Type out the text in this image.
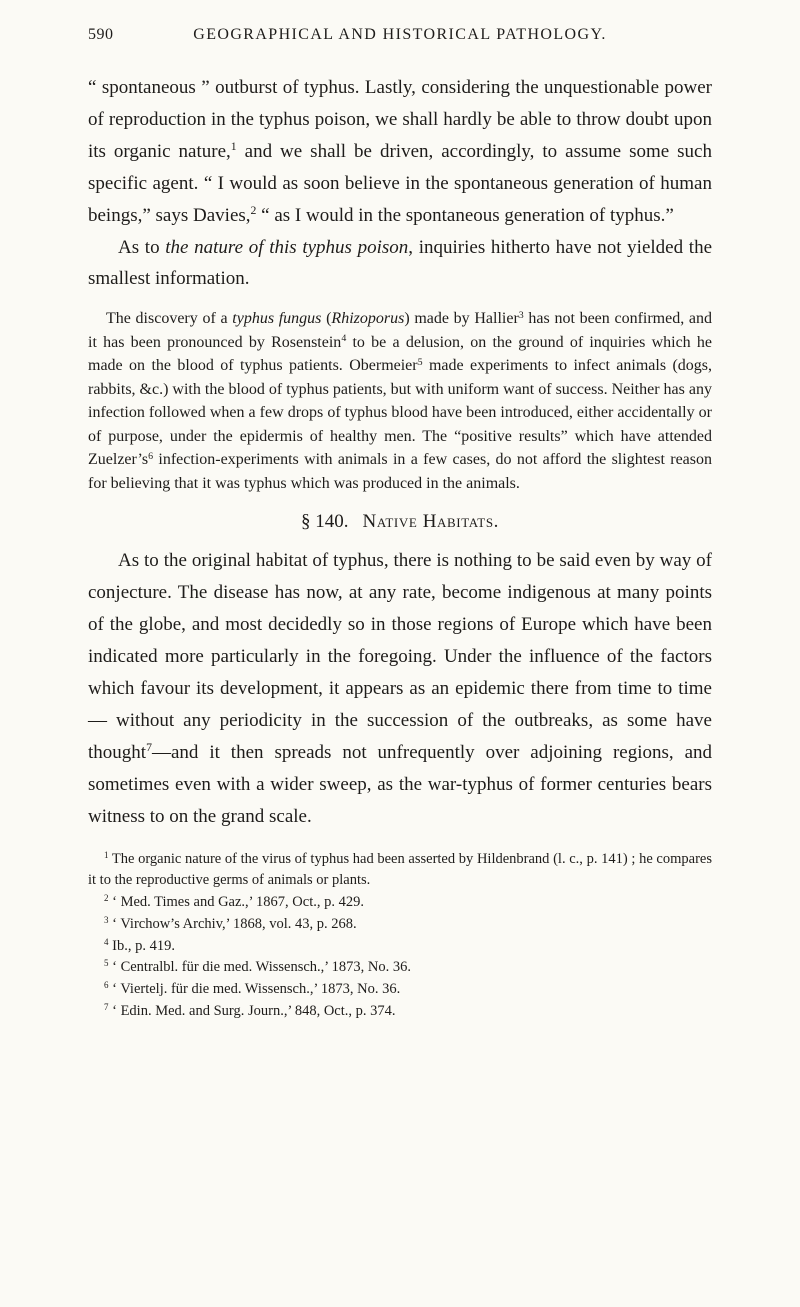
590	GEOGRAPHICAL AND HISTORICAL PATHOLOGY.

“ spontaneous ” outburst of typhus. Lastly, considering the unquestionable power of reproduction in the typhus poison, we shall hardly be able to throw doubt upon its organic nature,$^1$ and we shall be driven, accordingly, to assume some such specific agent. “ I would as soon believe in the spontaneous generation of human beings,” says Davies,$^2$ “ as I would in the spontaneous generation of typhus.”

As to the nature of this typhus poison, inquiries hitherto have not yielded the smallest information.

The discovery of a typhus fungus (Rhizoporus) made by Hallier$^3$ has not been confirmed, and it has been pronounced by Rosenstein$^4$ to be a delusion, on the ground of inquiries which he made on the blood of typhus patients. Obermeier$^5$ made experiments to infect animals (dogs, rabbits, &c.) with the blood of typhus patients, but with uniform want of success. Neither has any infection followed when a few drops of typhus blood have been introduced, either accidentally or of purpose, under the epidermis of healthy men. The “positive results” which have attended Zuelzer’s$^6$ infection-experiments with animals in a few cases, do not afford the slightest reason for believing that it was typhus which was produced in the animals.

§ 140. Native Habitats.

As to the original habitat of typhus, there is nothing to be said even by way of conjecture. The disease has now, at any rate, become indigenous at many points of the globe, and most decidedly so in those regions of Europe which have been indicated more particularly in the foregoing. Under the influence of the factors which favour its development, it appears as an epidemic there from time to time— without any periodicity in the succession of the outbreaks, as some have thought$^7$—and it then spreads not unfrequently over adjoining regions, and sometimes even with a wider sweep, as the war-typhus of former centuries bears witness to on the grand scale.

$^1$ The organic nature of the virus of typhus had been asserted by Hildenbrand (l. c., p. 141) ; he compares it to the reproductive germs of animals or plants.

$^2$ ‘ Med. Times and Gaz.,’ 1867, Oct., p. 429.

$^3$ ‘ Virchow’s Archiv,’ 1868, vol. 43, p. 268.

$^4$ Ib., p. 419.

$^5$ ‘ Centralbl. für die med. Wissensch.,’ 1873, No. 36.

$^6$ ‘ Viertelj. für die med. Wissensch.,’ 1873, No. 36.

$^7$ ‘ Edin. Med. and Surg. Journ.,’ 848, Oct., p. 374.
